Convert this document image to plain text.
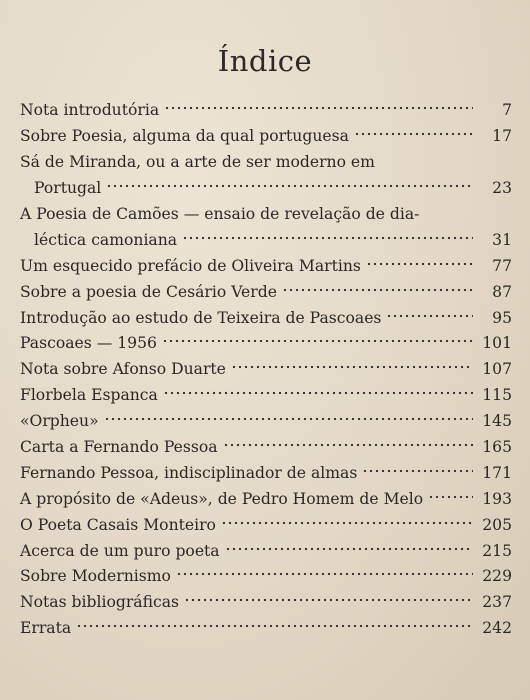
Índice
Nota introdutória	7
Sobre Poesia, alguma da qual portuguesa	17
Sá de Miranda, ou a arte de ser moderno em
Portugal	23
A Poesia de Camões — ensaio de revelação de dia-
léctica camoniana	31
Um esquecido prefácio de Oliveira Martins	77
Sobre a poesia de Cesário Verde	87
Introdução ao estudo de Teixeira de Pascoaes	95
Pascoaes — 1956	101
Nota sobre Afonso Duarte	107
Florbela Espanca	115
«Orpheu»	145
Carta a Fernando Pessoa	165
Fernando Pessoa, indisciplinador de almas	171
A propósito de «Adeus», de Pedro Homem de Melo	193
O Poeta Casais Monteiro	205
Acerca de um puro poeta	215
Sobre Modernismo	229
Notas bibliográficas	237
Errata	242
